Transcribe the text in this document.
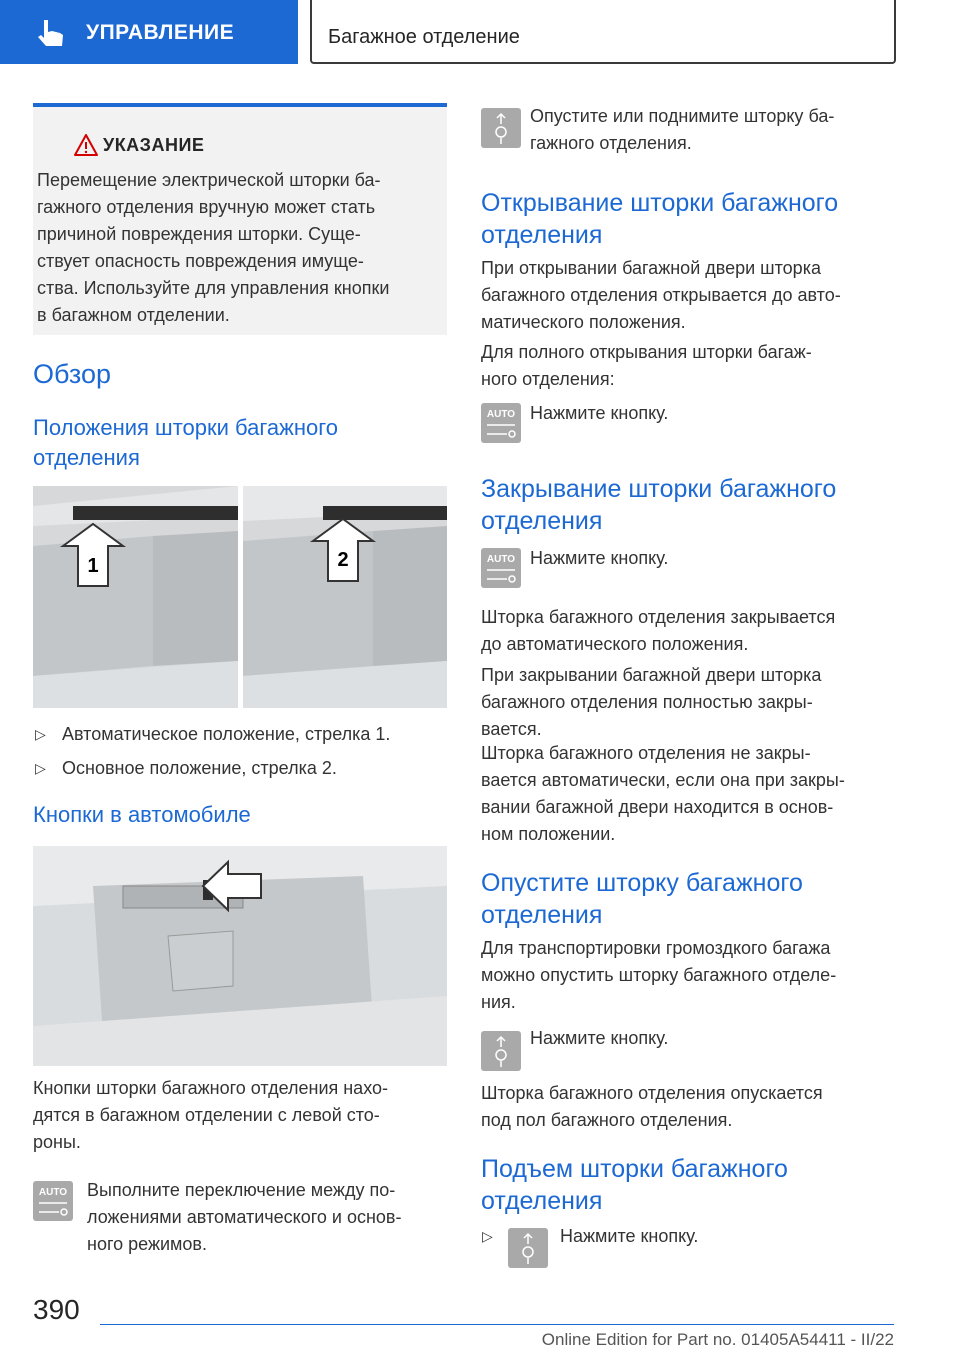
УПРАВЛЕНИЕ	Багажное отделение
УКАЗАНИЕ
Перемещение электрической шторки ба-
гажного отделения вручную может стать
причиной повреждения шторки. Суще-
ствует опасность повреждения имуще-
ства. Используйте для управления кнопки
в багажном отделении.
Обзор
Положения шторки багажного
отделения
1	2
▷ Автоматическое положение, стрелка 1.
▷ Основное положение, стрелка 2.
Кнопки в автомобиле
Кнопки шторки багажного отделения нахо-
дятся в багажном отделении с левой сто-
роны.
AUTO Выполните переключение между по-
ложениями автоматического и основ-
ного режимов.
Опустите или поднимите шторку ба-
гажного отделения.
Открывание шторки багажного
отделения
При открывании багажной двери шторка
багажного отделения открывается до авто-
матического положения.
Для полного открывания шторки багаж-
ного отделения:
AUTO Нажмите кнопку.
Закрывание шторки багажного
отделения
AUTO Нажмите кнопку.
Шторка багажного отделения закрывается
до автоматического положения.
При закрывании багажной двери шторка
багажного отделения полностью закры-
вается.
Шторка багажного отделения не закры-
вается автоматически, если она при закры-
вании багажной двери находится в основ-
ном положении.
Опустите шторку багажного
отделения
Для транспортировки громоздкого багажа
можно опустить шторку багажного отделе-
ния.
Нажмите кнопку.
Шторка багажного отделения опускается
под пол багажного отделения.
Подъем шторки багажного
отделения
▷	Нажмите кнопку.
390
Online Edition for Part no. 01405A54411 - II/22
